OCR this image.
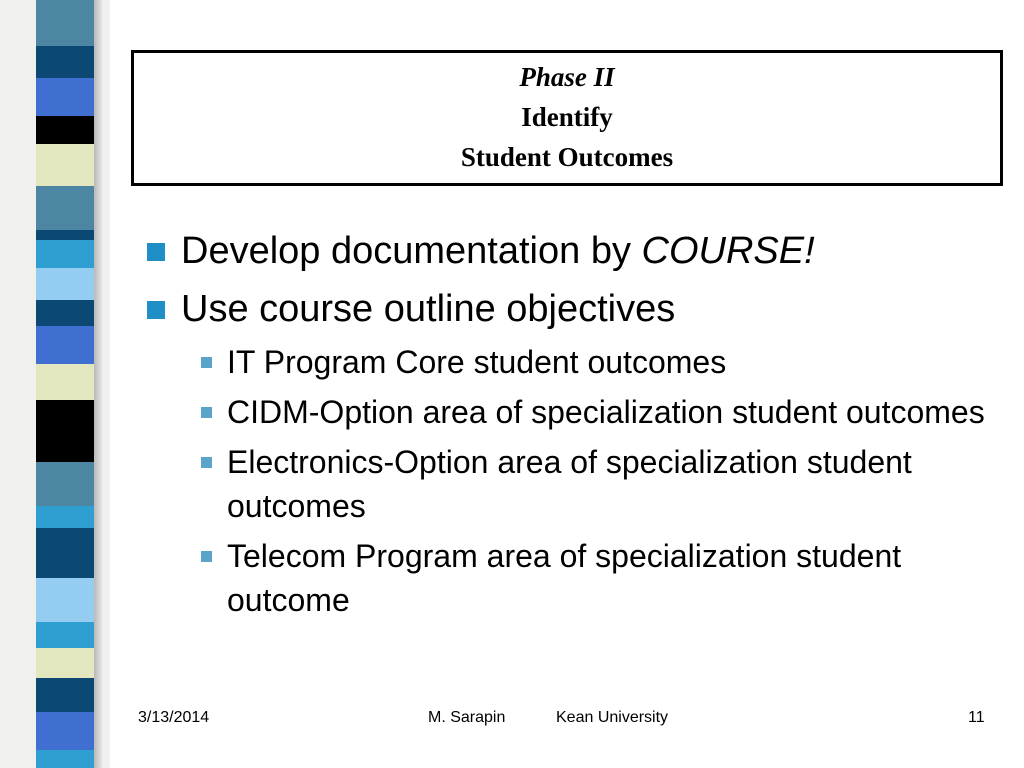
Phase II
Identify
Student Outcomes
Develop documentation by COURSE!
Use course outline objectives
IT Program Core student outcomes
CIDM-Option area of specialization student outcomes
Electronics-Option area of specialization student outcomes
Telecom Program area of specialization student outcome
3/13/2014	M. Sarapin	Kean University	11
